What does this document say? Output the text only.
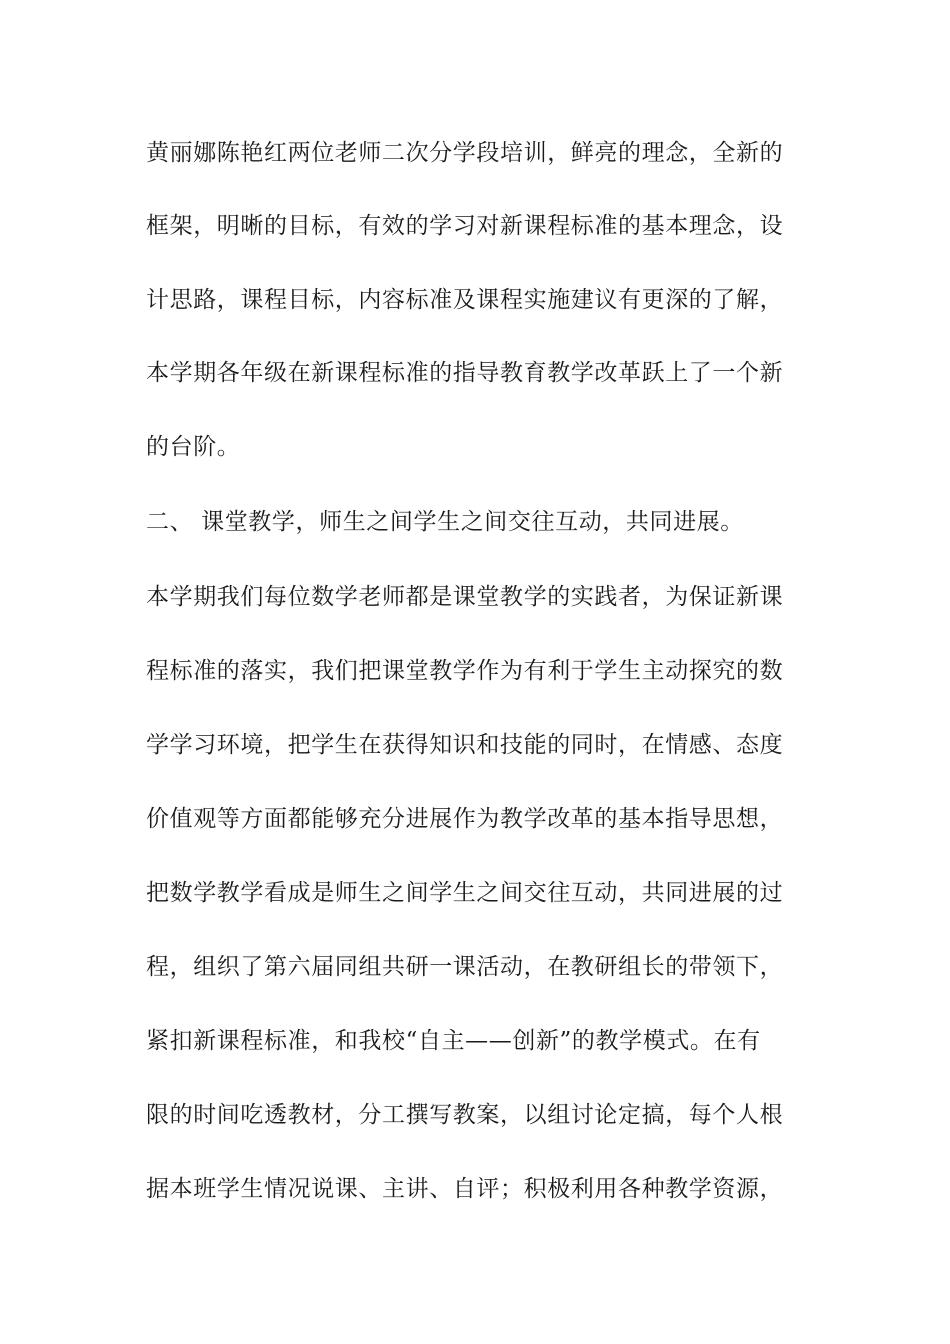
黄丽娜陈艳红两位老师二次分学段培训，鲜亮的理念，全新的
框架，明晰的目标，有效的学习对新课程标准的基本理念，设
计思路，课程目标，内容标准及课程实施建议有更深的了解，
本学期各年级在新课程标准的指导教育教学改革跃上了一个新
的台阶。
二、 课堂教学，师生之间学生之间交往互动，共同进展。
本学期我们每位数学老师都是课堂教学的实践者，为保证新课
程标准的落实，我们把课堂教学作为有利于学生主动探究的数
学学习环境，把学生在获得知识和技能的同时，在情感、态度
价值观等方面都能够充分进展作为教学改革的基本指导思想，
把数学教学看成是师生之间学生之间交往互动，共同进展的过
程，组织了第六届同组共研一课活动，在教研组长的带领下，
紧扣新课程标准，和我校“自主——创新”的教学模式。在有
限的时间吃透教材，分工撰写教案，以组讨论定搞，每个人根
据本班学生情况说课、主讲、自评；积极利用各种教学资源，
